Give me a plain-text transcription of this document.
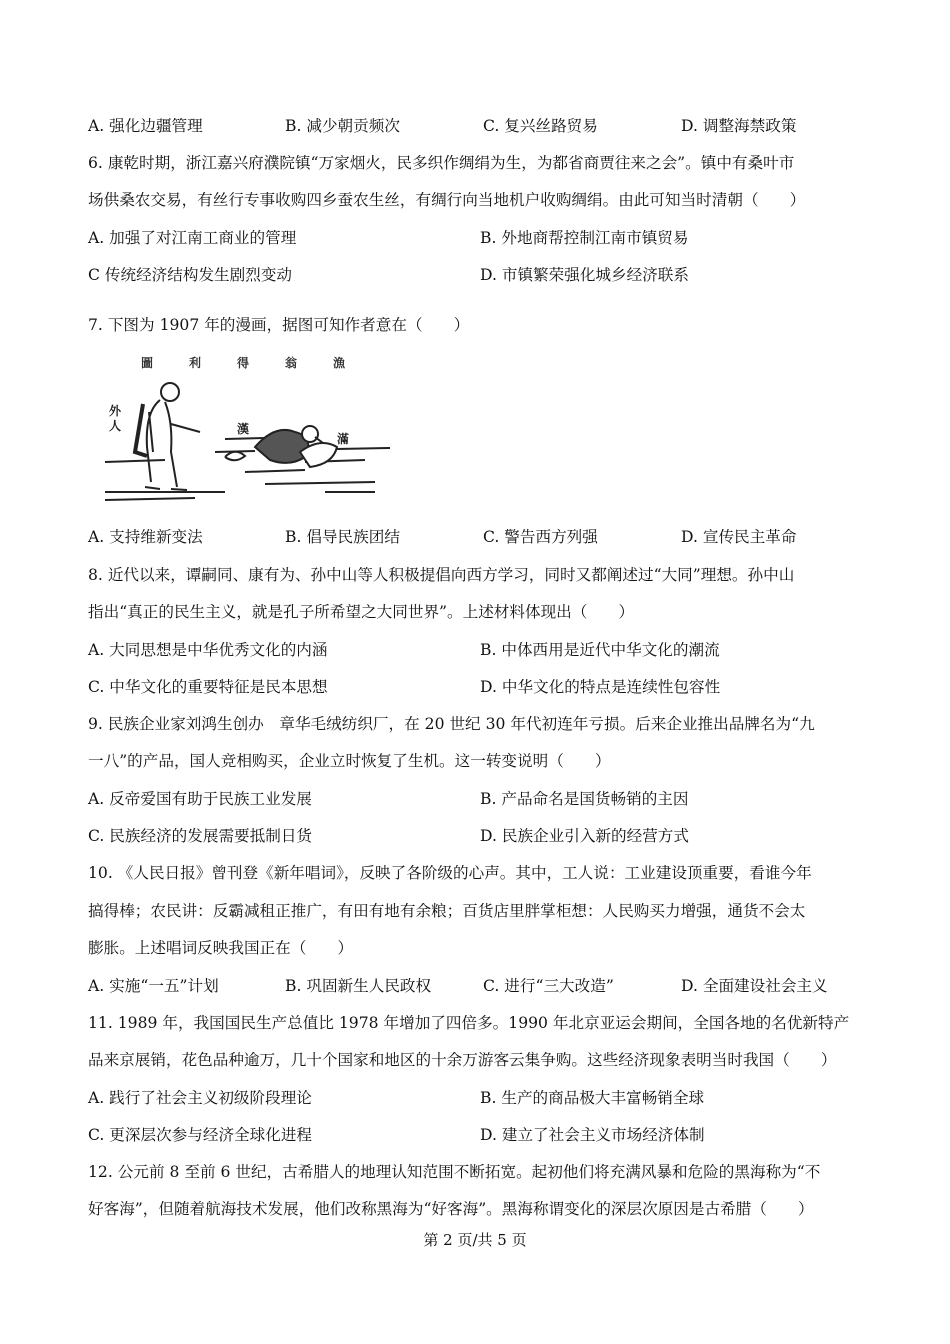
A. 强化边疆管理	B. 减少朝贡频次	C. 复兴丝路贸易	D. 调整海禁政策
6. 康乾时期，浙江嘉兴府濮院镇“万家烟火，民多织作绸绢为生，为都省商贾往来之会”。镇中有桑叶市
场供桑农交易，有丝行专事收购四乡蚕农生丝，有绸行向当地机户收购绸绢。由此可知当时清朝（　　）
A. 加强了对江南工商业的管理	B. 外地商帮控制江南市镇贸易
C 传统经济结构发生剧烈变动	D. 市镇繁荣强化城乡经济联系
7. 下图为 1907 年的漫画，据图可知作者意在（　　）
圖	利	得	翁	漁
外人	漢
滿
A. 支持维新变法	B. 倡导民族团结	C. 警告西方列强	D. 宣传民主革命
8. 近代以来，谭嗣同、康有为、孙中山等人积极提倡向西方学习，同时又都阐述过“大同”理想。孙中山
指出“真正的民生主义，就是孔子所希望之大同世界”。上述材料体现出（　　）
A. 大同思想是中华优秀文化的内涵	B. 中体西用是近代中华文化的潮流
C. 中华文化的重要特征是民本思想	D. 中华文化的特点是连续性包容性
9. 民族企业家刘鸿生创办　章华毛绒纺织厂，在 20 世纪 30 年代初连年亏损。后来企业推出品牌名为“九
一八”的产品，国人竞相购买，企业立时恢复了生机。这一转变说明（　　）
A. 反帝爱国有助于民族工业发展	B. 产品命名是国货畅销的主因
C. 民族经济的发展需要抵制日货	D. 民族企业引入新的经营方式
10. 《人民日报》曾刊登《新年唱词》，反映了各阶级的心声。其中，工人说：工业建设顶重要，看谁今年
搞得棒；农民讲：反霸减租正推广，有田有地有余粮；百货店里胖掌柜想：人民购买力增强，通货不会太
膨胀。上述唱词反映我国正在（　　）
A. 实施“一五”计划	B. 巩固新生人民政权	C. 进行“三大改造”	D. 全面建设社会主义
11. 1989 年，我国国民生产总值比 1978 年增加了四倍多。1990 年北京亚运会期间，全国各地的名优新特产
品来京展销，花色品种逾万，几十个国家和地区的十余万游客云集争购。这些经济现象表明当时我国（　　）
A. 践行了社会主义初级阶段理论	B. 生产的商品极大丰富畅销全球
C. 更深层次参与经济全球化进程	D. 建立了社会主义市场经济体制
12. 公元前 8 至前 6 世纪，古希腊人的地理认知范围不断拓宽。起初他们将充满风暴和危险的黑海称为“不
好客海”，但随着航海技术发展，他们改称黑海为“好客海”。黑海称谓变化的深层次原因是古希腊（　　）
第 2 页/共 5 页
